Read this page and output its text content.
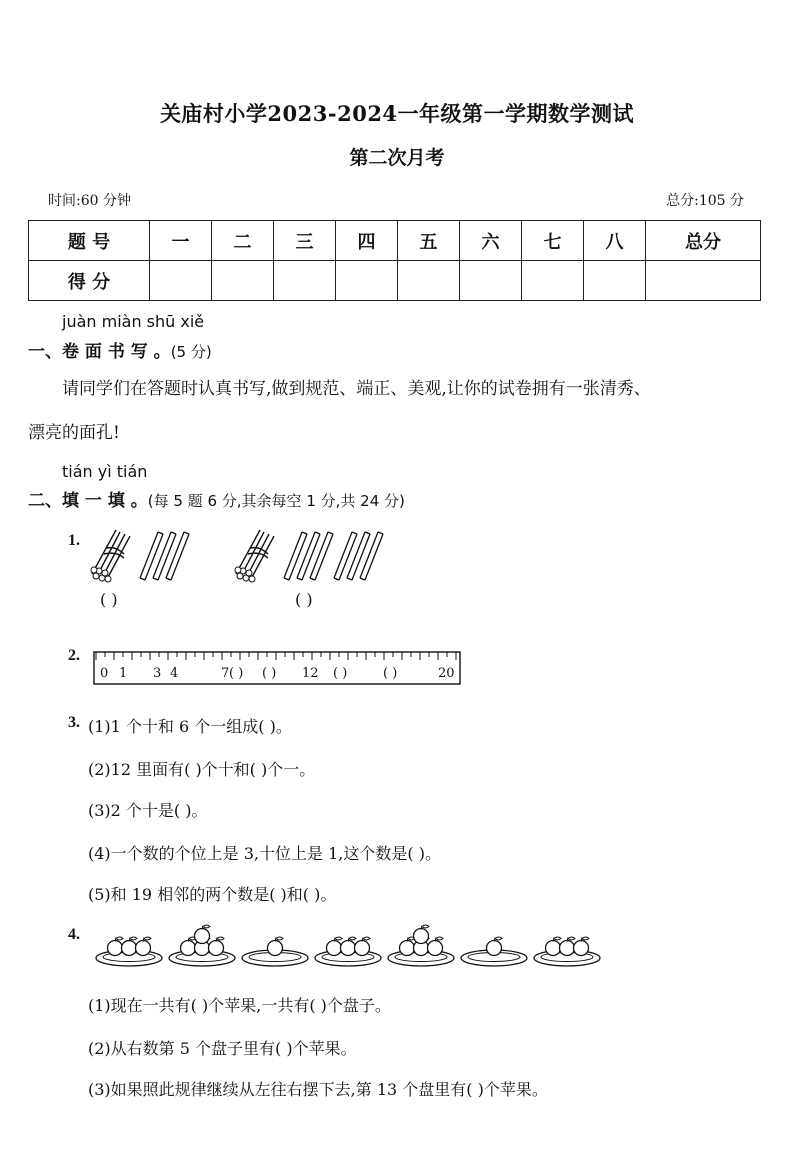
关庙村小学2023-2024一年级第一学期数学测试
第二次月考
时间:60 分钟	总分:105 分
题 号	一	二	三	四	五	六	七	八	总分
得 分									
juàn miàn shū xiě
一、卷 面 书 写 。(5 分)
请同学们在答题时认真书写,做到规范、端正、美观,让你的试卷拥有一张清秀、
漂亮的面孔!
tián yì tián
二、填 一 填 。(每 5 题 6 分,其余每空 1 分,共 24 分)
1.
( )	( )
2.
0 1 3 4	7 ( ) ( ) 12 ( )	( )	20
3. (1)1 个十和 6 个一组成( )。
(2)12 里面有( )个十和( )个一。
(3)2 个十是( )。
(4)一个数的个位上是 3,十位上是 1,这个数是( )。
(5)和 19 相邻的两个数是( )和( )。
4.
(1)现在一共有( )个苹果,一共有( )个盘子。
(2)从右数第 5 个盘子里有( )个苹果。
(3)如果照此规律继续从左往右摆下去,第 13 个盘里有( )个苹果。
